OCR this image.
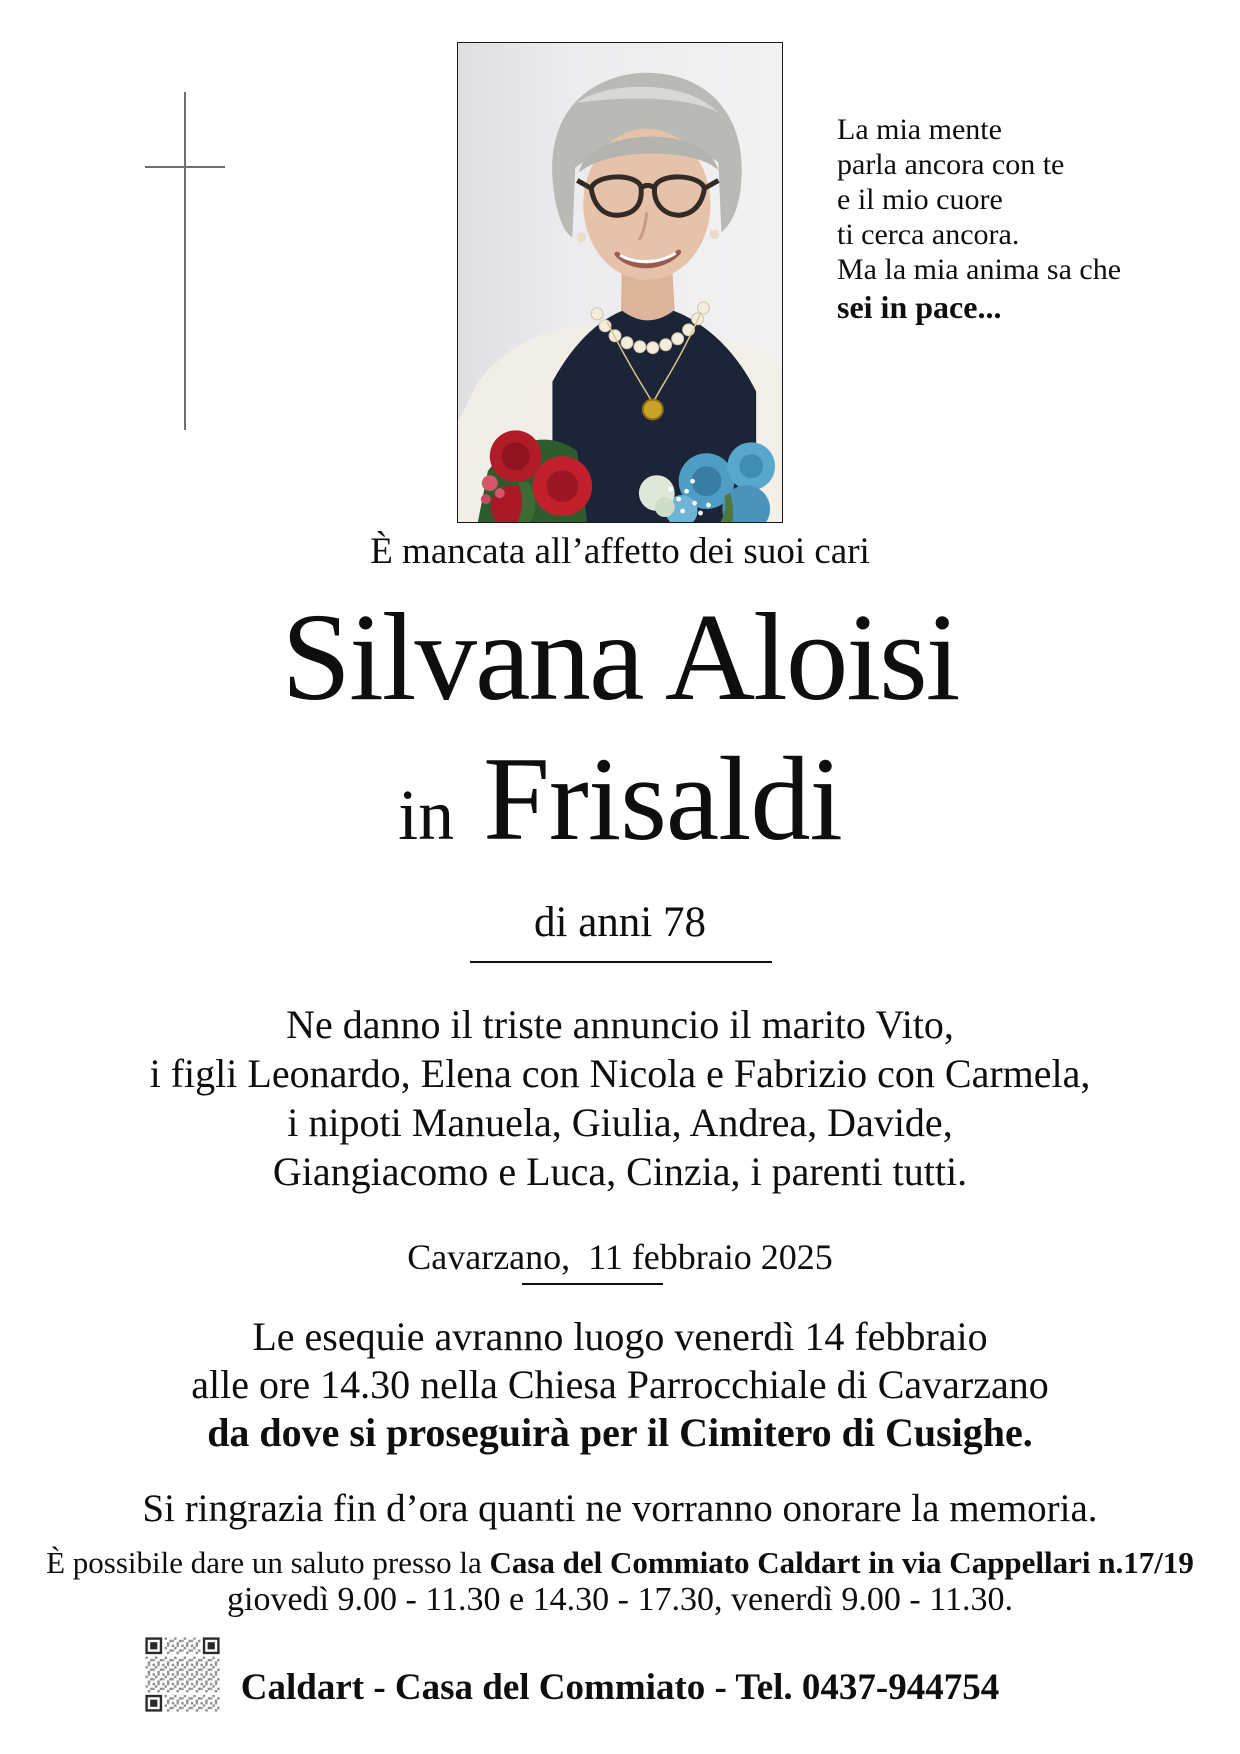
La mia mente
parla ancora con te
e il mio cuore
ti cerca ancora.
Ma la mia anima sa che
sei in pace...
È mancata all’affetto dei suoi cari
Silvana Aloisi
in Frisaldi
di anni 78
Ne danno il triste annuncio il marito Vito,
i figli Leonardo, Elena con Nicola e Fabrizio con Carmela,
i nipoti Manuela, Giulia, Andrea, Davide,
Giangiacomo e Luca, Cinzia, i parenti tutti.
Cavarzano,  11 febbraio 2025
Le esequie avranno luogo venerdì 14 febbraio
alle ore 14.30 nella Chiesa Parrocchiale di Cavarzano
da dove si proseguirà per il Cimitero di Cusighe.
Si ringrazia fin d’ora quanti ne vorranno onorare la memoria.
È possibile dare un saluto presso la Casa del Commiato Caldart in via Cappellari n.17/19
giovedì 9.00 - 11.30 e 14.30 - 17.30, venerdì 9.00 - 11.30.
Caldart - Casa del Commiato - Tel. 0437-944754
